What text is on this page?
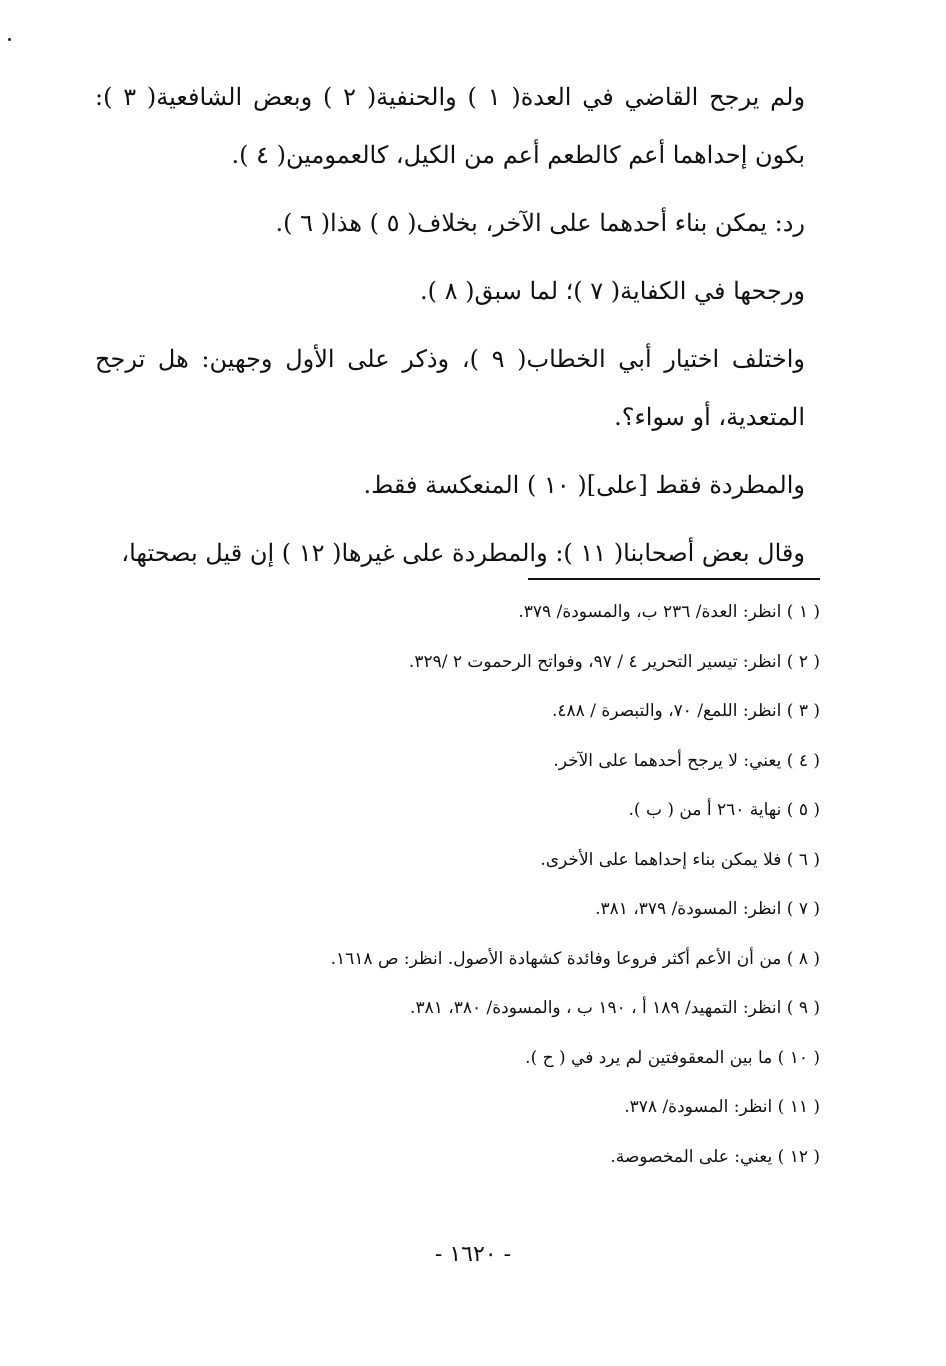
ولم يرجح القاضي في العدة( ١ ) والحنفية( ٢ ) وبعض الشافعية( ٣ ): بكون إحداهما أعم كالطعم أعم من الكيل، كالعمومين( ٤ ).

رد: يمكن بناء أحدهما على الآخر، بخلاف( ٥ ) هذا( ٦ ).

ورجحها في الكفاية( ٧ )؛ لما سبق( ٨ ).

واختلف اختيار أبي الخطاب( ٩ )، وذكر على الأول وجهين: هل ترجح المتعدية، أو سواء؟.

والمطردة فقط [على]( ١٠ ) المنعكسة فقط.

وقال بعض أصحابنا( ١١ ): والمطردة على غيرها( ١٢ ) إن قيل بصحتها،

( ١ ) انظر: العدة/ ٢٣٦ ب، والمسودة/ ٣٧٩.
( ٢ ) انظر: تيسير التحرير ٤ / ٩٧، وفواتح الرحموت ٢ /٣٢٩.
( ٣ ) انظر: اللمع/ ٧٠، والتبصرة / ٤٨٨.
( ٤ ) يعني: لا يرجح أحدهما على الآخر.
( ٥ ) نهاية ٢٦٠ أ من ( ب ).
( ٦ ) فلا يمكن بناء إحداهما على الأخرى.
( ٧ ) انظر: المسودة/ ٣٧٩، ٣٨١.
( ٨ ) من أن الأعم أكثر فروعا وفائدة كشهادة الأصول. انظر: ص ١٦١٨.
( ٩ ) انظر: التمهيد/ ١٨٩ أ ، ١٩٠ ب ، والمسودة/ ٣٨٠، ٣٨١.
( ١٠ ) ما بين المعقوفتين لم يرد في ( ح ).
( ١١ ) انظر: المسودة/ ٣٧٨.
( ١٢ ) يعني: على المخصوصة.
- ١٦٢٠ -
